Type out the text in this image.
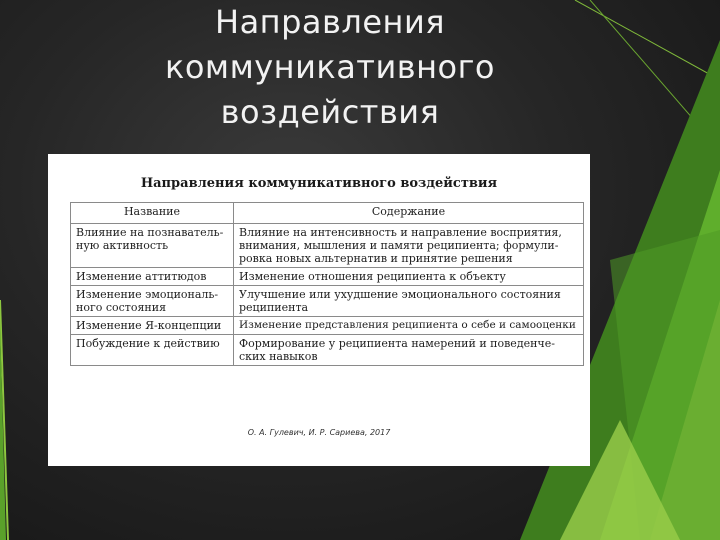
Направления
коммуникативного
воздействия
Направления коммуникативного воздействия
Название	Содержание

Влияние на познаватель-
ную активность	Влияние на интенсивность и направление восприятия,
внимания, мышления и памяти реципиента; формули-
ровка новых альтернатив и принятие решения

Изменение аттитюдов	Изменение отношения реципиента к объекту

Изменение эмоциональ-
ного состояния	Улучшение или ухудшение эмоционального состояния
реципиента

Изменение Я-концепции	Изменение представления реципиента о себе и самооценки

Побуждение к действию	Формирование у реципиента намерений и поведенче-
ских навыков
О. А. Гулевич, И. Р. Сариева, 2017
